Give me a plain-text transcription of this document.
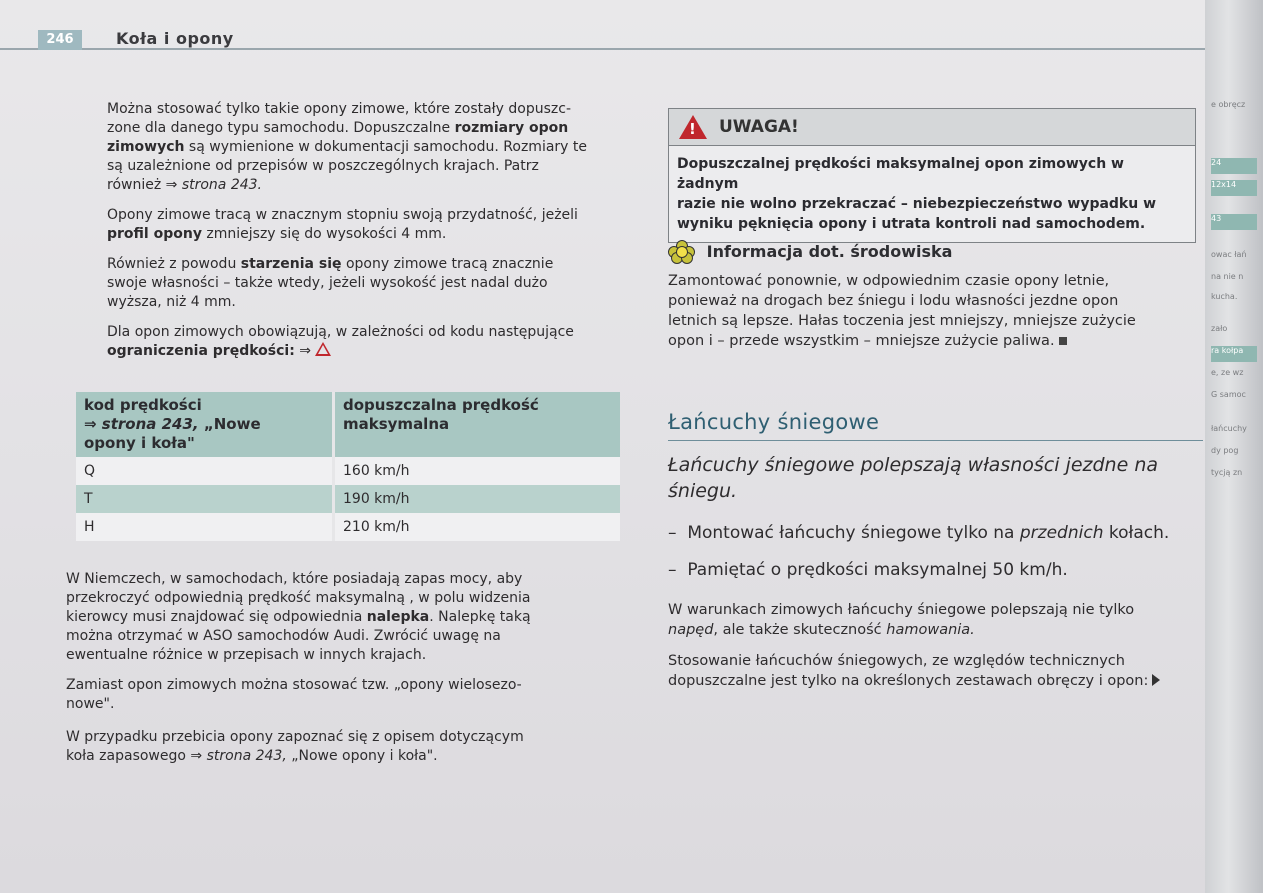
246	Koła i opony

Można stosować tylko takie opony zimowe, które zostały dopuszc-
zone dla danego typu samochodu. Dopuszczalne rozmiary opon
zimowych są wymienione w dokumentacji samochodu. Rozmiary te
są uzależnione od przepisów w poszczególnych krajach. Patrz
również ⇒ strona 243.

Opony zimowe tracą w znacznym stopniu swoją przydatność, jeżeli
profil opony zmniejszy się do wysokości 4 mm.

Również z powodu starzenia się opony zimowe tracą znacznie
swoje własności – także wtedy, jeżeli wysokość jest nadal dużo
wyższa, niż 4 mm.

Dla opon zimowych obowiązują, w zależności od kodu następujące
ograniczenia prędkości: ⇒

kod prędkości
⇒ strona 243, „Nowe
opony i koła"	dopuszczalna prędkość maksymalna
Q	160 km/h
T	190 km/h
H	210 km/h

W Niemczech, w samochodach, które posiadają zapas mocy, aby
przekroczyć odpowiednią prędkość maksymalną , w polu widzenia
kierowcy musi znajdować się odpowiednia nalepka. Nalepkę taką
można otrzymać w ASO samochodów Audi. Zwrócić uwagę na
ewentualne różnice w przepisach w innych krajach.

Zamiast opon zimowych można stosować tzw. „opony wielosezo-
nowe".

W przypadku przebicia opony zapoznać się z opisem dotyczącym
koła zapasowego ⇒ strona 243, „Nowe opony i koła".

!
UWAGA!
Dopuszczalnej prędkości maksymalnej opon zimowych w żadnym
razie nie wolno przekraczać – niebezpieczeństwo wypadku w
wyniku pęknięcia opony i utrata kontroli nad samochodem.
Informacja dot. środowiska
Zamontować ponownie, w odpowiednim czasie opony letnie,
ponieważ na drogach bez śniegu i lodu własności jezdne opon
letnich są lepsze. Hałas toczenia jest mniejszy, mniejsze zużycie
opon i – przede wszystkim – mniejsze zużycie paliwa.
Łańcuchy śniegowe

Łańcuchy śniegowe polepszają własności jezdne na
śniegu.

–  Montować łańcuchy śniegowe tylko na przednich kołach.
–  Pamiętać o prędkości maksymalnej 50 km/h.

W warunkach zimowych łańcuchy śniegowe polepszają nie tylko
napęd, ale także skuteczność hamowania.

Stosowanie łańcuchów śniegowych, ze względów technicznych
dopuszczalne jest tylko na określonych zestawach obręczy i opon:

e obręcz
24
12x14
43
owac łań
na nie n
kucha.
zało
ra kołpa
e, ze wz
G samoc
łańcuchy
dy pog
tycją zn
